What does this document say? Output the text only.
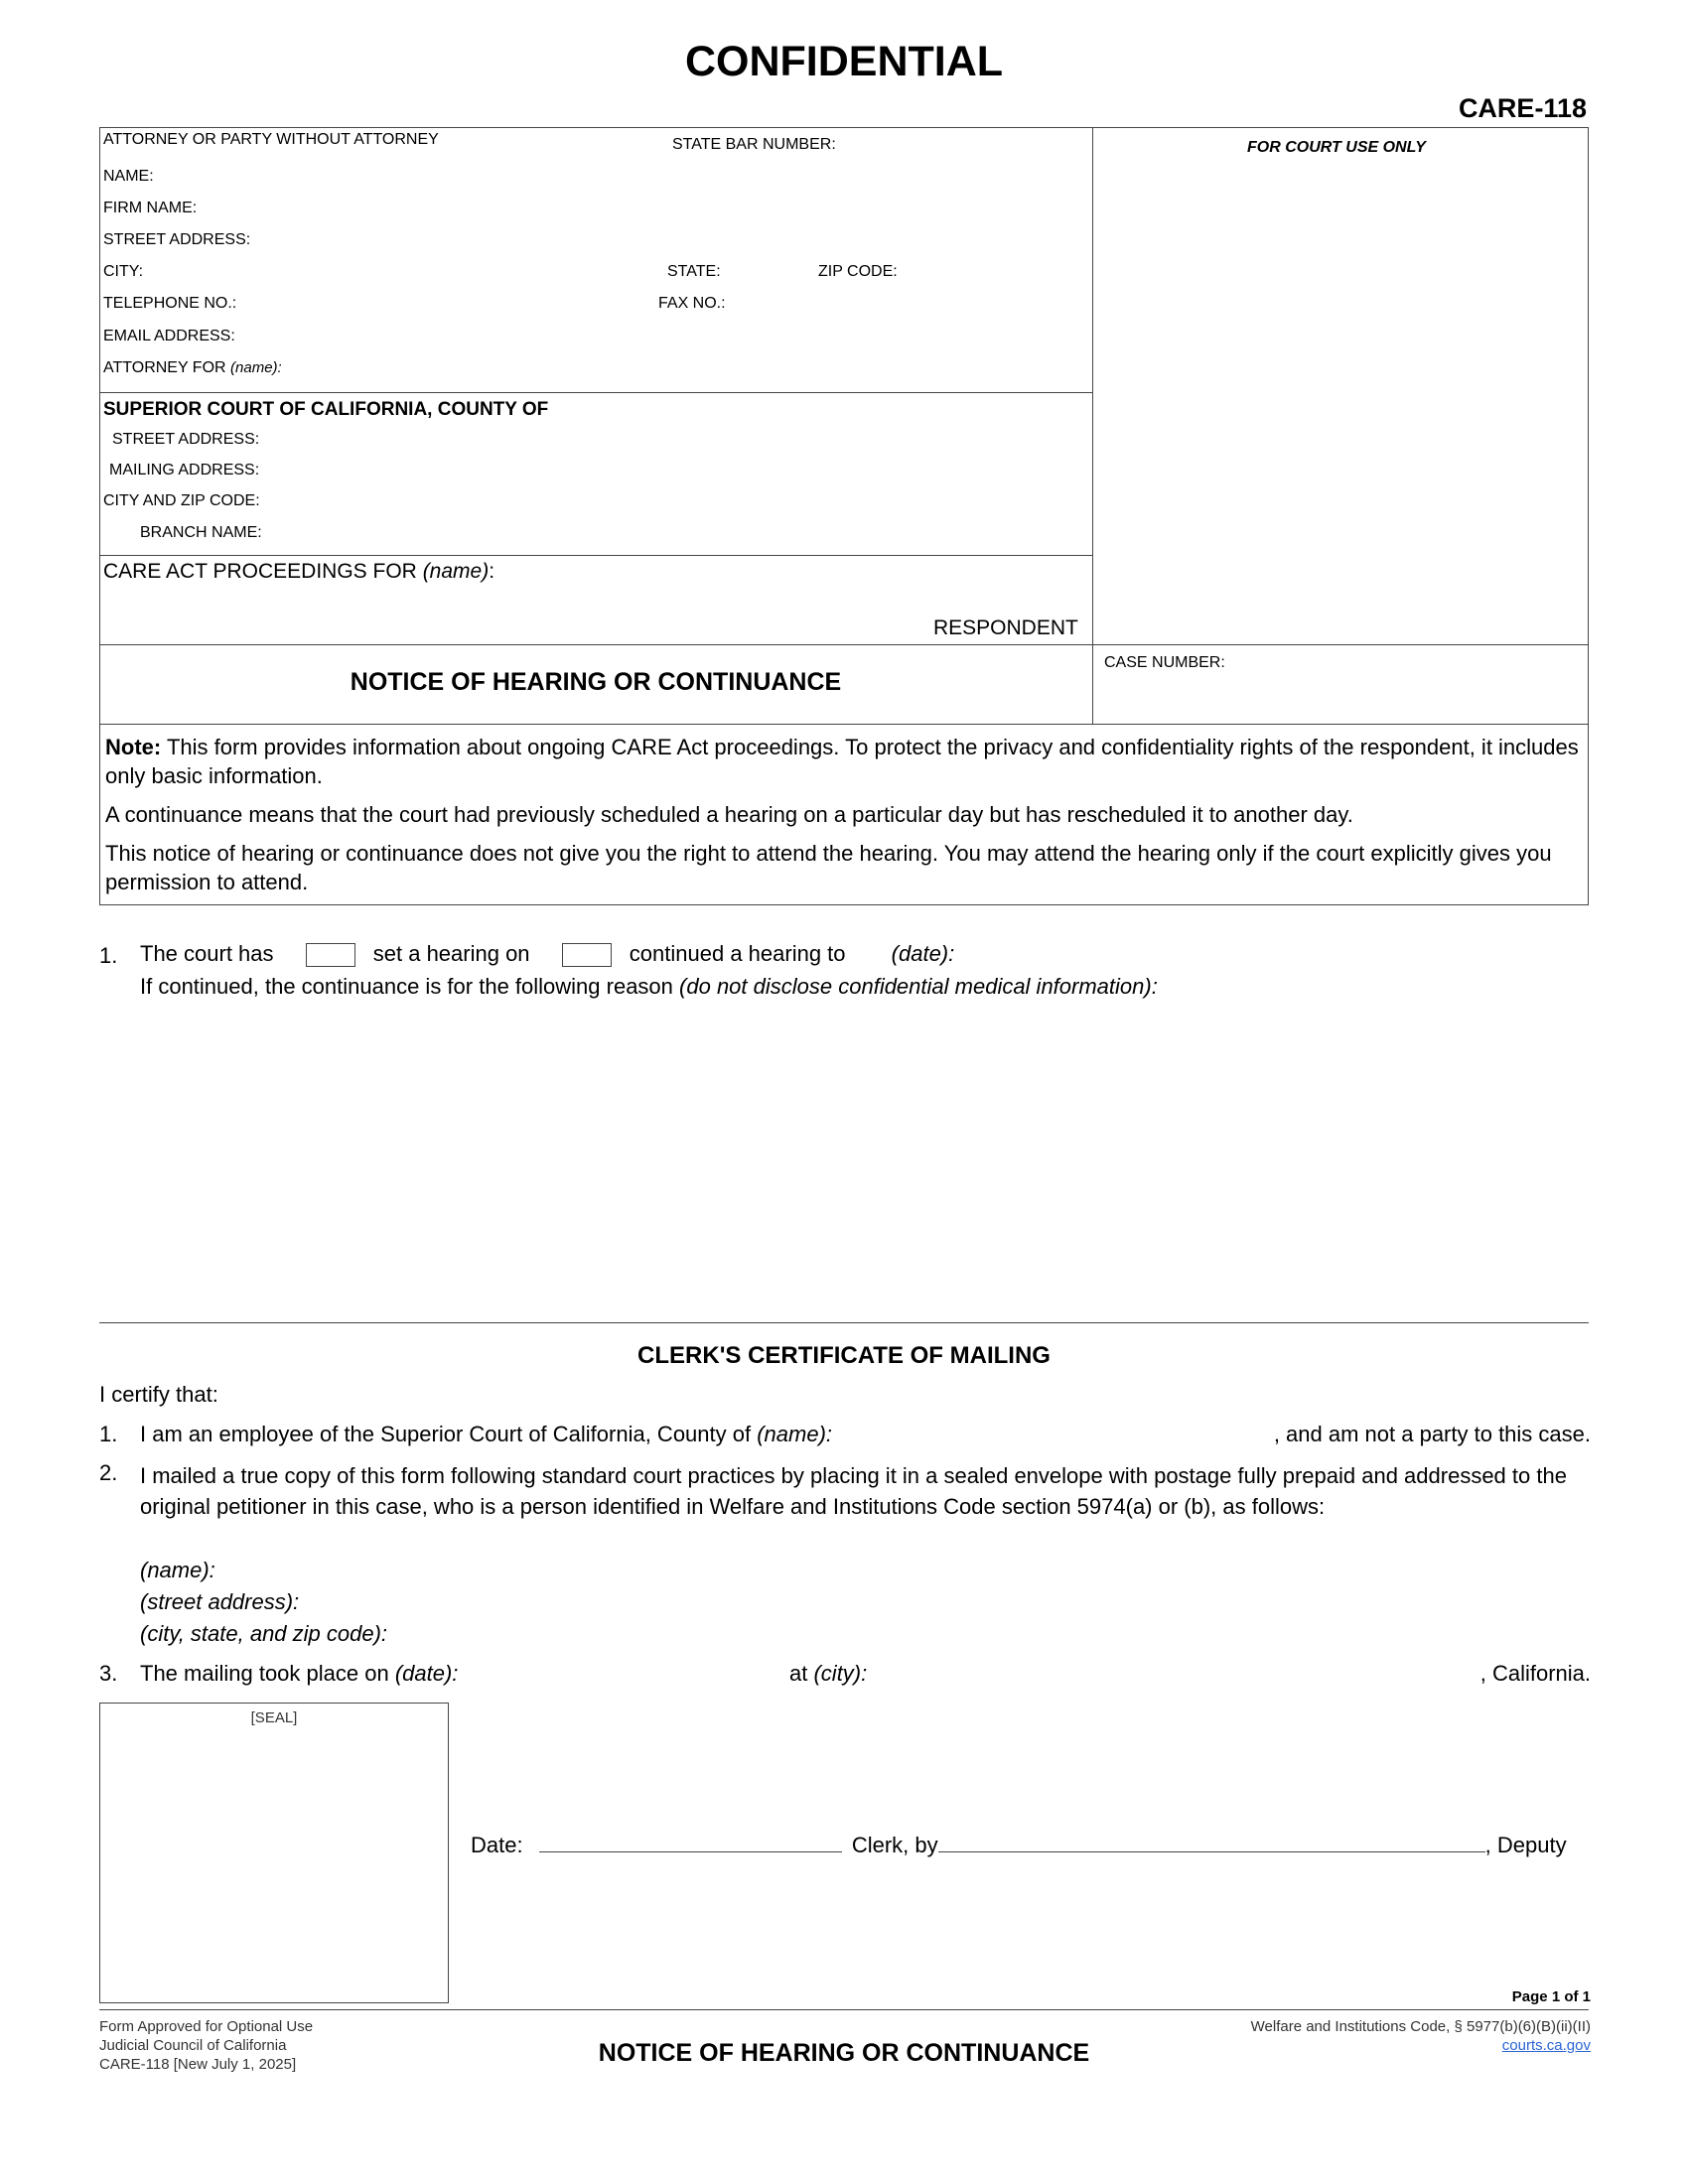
CONFIDENTIAL
CARE-118
ATTORNEY OR PARTY WITHOUT ATTORNEY	STATE BAR NUMBER:
NAME:
FIRM NAME:
STREET ADDRESS:
CITY:	STATE:	ZIP CODE:
TELEPHONE NO.:	FAX NO.:
EMAIL ADDRESS:
ATTORNEY FOR (name):
FOR COURT USE ONLY
SUPERIOR COURT OF CALIFORNIA, COUNTY OF
STREET ADDRESS:
MAILING ADDRESS:
CITY AND ZIP CODE:
BRANCH NAME:
CARE ACT PROCEEDINGS FOR (name):
RESPONDENT
NOTICE OF HEARING OR CONTINUANCE
CASE NUMBER:

Note: This form provides information about ongoing CARE Act proceedings. To protect the privacy and confidentiality rights of the respondent, it includes only basic information.

A continuance means that the court had previously scheduled a hearing on a particular day but has rescheduled it to another day.

This notice of hearing or continuance does not give you the right to attend the hearing. You may attend the hearing only if the court explicitly gives you permission to attend.

1. The court has	set a hearing on	continued a hearing to (date):
If continued, the continuance is for the following reason (do not disclose confidential medical information):
CLERK'S CERTIFICATE OF MAILING
I certify that:
1. I am an employee of the Superior Court of California, County of (name):	, and am not a party to this case.
2. I mailed a true copy of this form following standard court practices by placing it in a sealed envelope with postage fully prepaid and addressed to the original petitioner in this case, who is a person identified in Welfare and Institutions Code section 5974(a) or (b), as follows:
(name):
(street address):
(city, state, and zip code):
3. The mailing took place on (date):	at (city):	, California.
[SEAL]
Date:	Clerk, by	, Deputy
Page 1 of 1
Form Approved for Optional Use
Judicial Council of California
CARE-118 [New July 1, 2025]	NOTICE OF HEARING OR CONTINUANCE
Welfare and Institutions Code, § 5977(b)(6)(B)(ii)(II)
courts.ca.gov
